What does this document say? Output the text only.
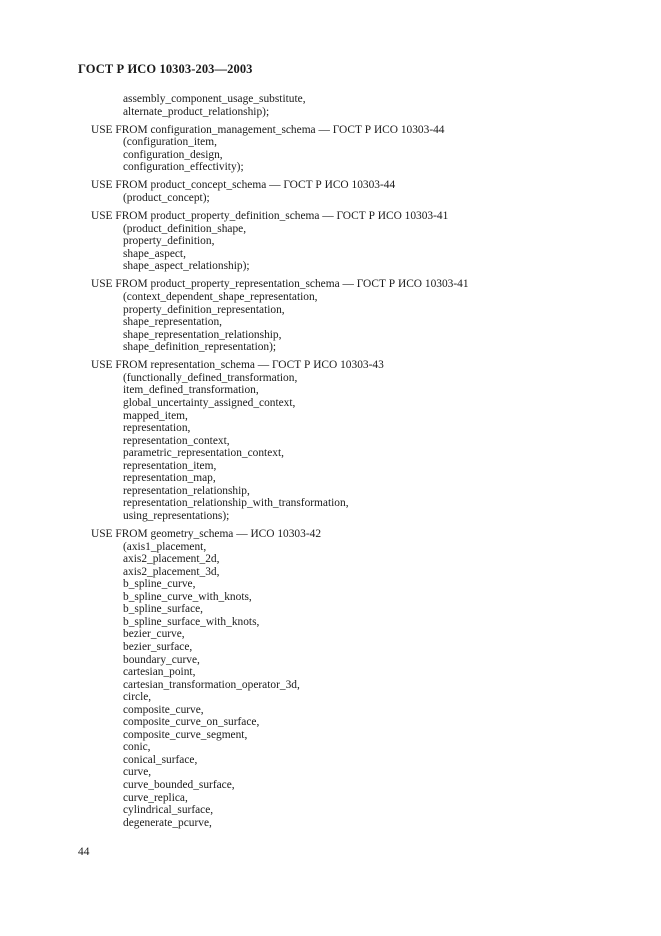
ГОСТ Р ИСО 10303-203—2003
assembly_component_usage_substitute,
alternate_product_relationship);
USE FROM configuration_management_schema — ГОСТ Р ИСО 10303-44
(configuration_item,
configuration_design,
configuration_effectivity);
USE FROM product_concept_schema — ГОСТ Р ИСО 10303-44
(product_concept);
USE FROM product_property_definition_schema — ГОСТ Р ИСО 10303-41
(product_definition_shape,
property_definition,
shape_aspect,
shape_aspect_relationship);
USE FROM product_property_representation_schema — ГОСТ Р ИСО 10303-41
(context_dependent_shape_representation,
property_definition_representation,
shape_representation,
shape_representation_relationship,
shape_definition_representation);
USE FROM representation_schema — ГОСТ Р ИСО 10303-43
(functionally_defined_transformation,
item_defined_transformation,
global_uncertainty_assigned_context,
mapped_item,
representation,
representation_context,
parametric_representation_context,
representation_item,
representation_map,
representation_relationship,
representation_relationship_with_transformation,
using_representations);
USE FROM geometry_schema — ИСО 10303-42
(axis1_placement,
axis2_placement_2d,
axis2_placement_3d,
b_spline_curve,
b_spline_curve_with_knots,
b_spline_surface,
b_spline_surface_with_knots,
bezier_curve,
bezier_surface,
boundary_curve,
cartesian_point,
cartesian_transformation_operator_3d,
circle,
composite_curve,
composite_curve_on_surface,
composite_curve_segment,
conic,
conical_surface,
curve,
curve_bounded_surface,
curve_replica,
cylindrical_surface,
degenerate_pcurve,
44
